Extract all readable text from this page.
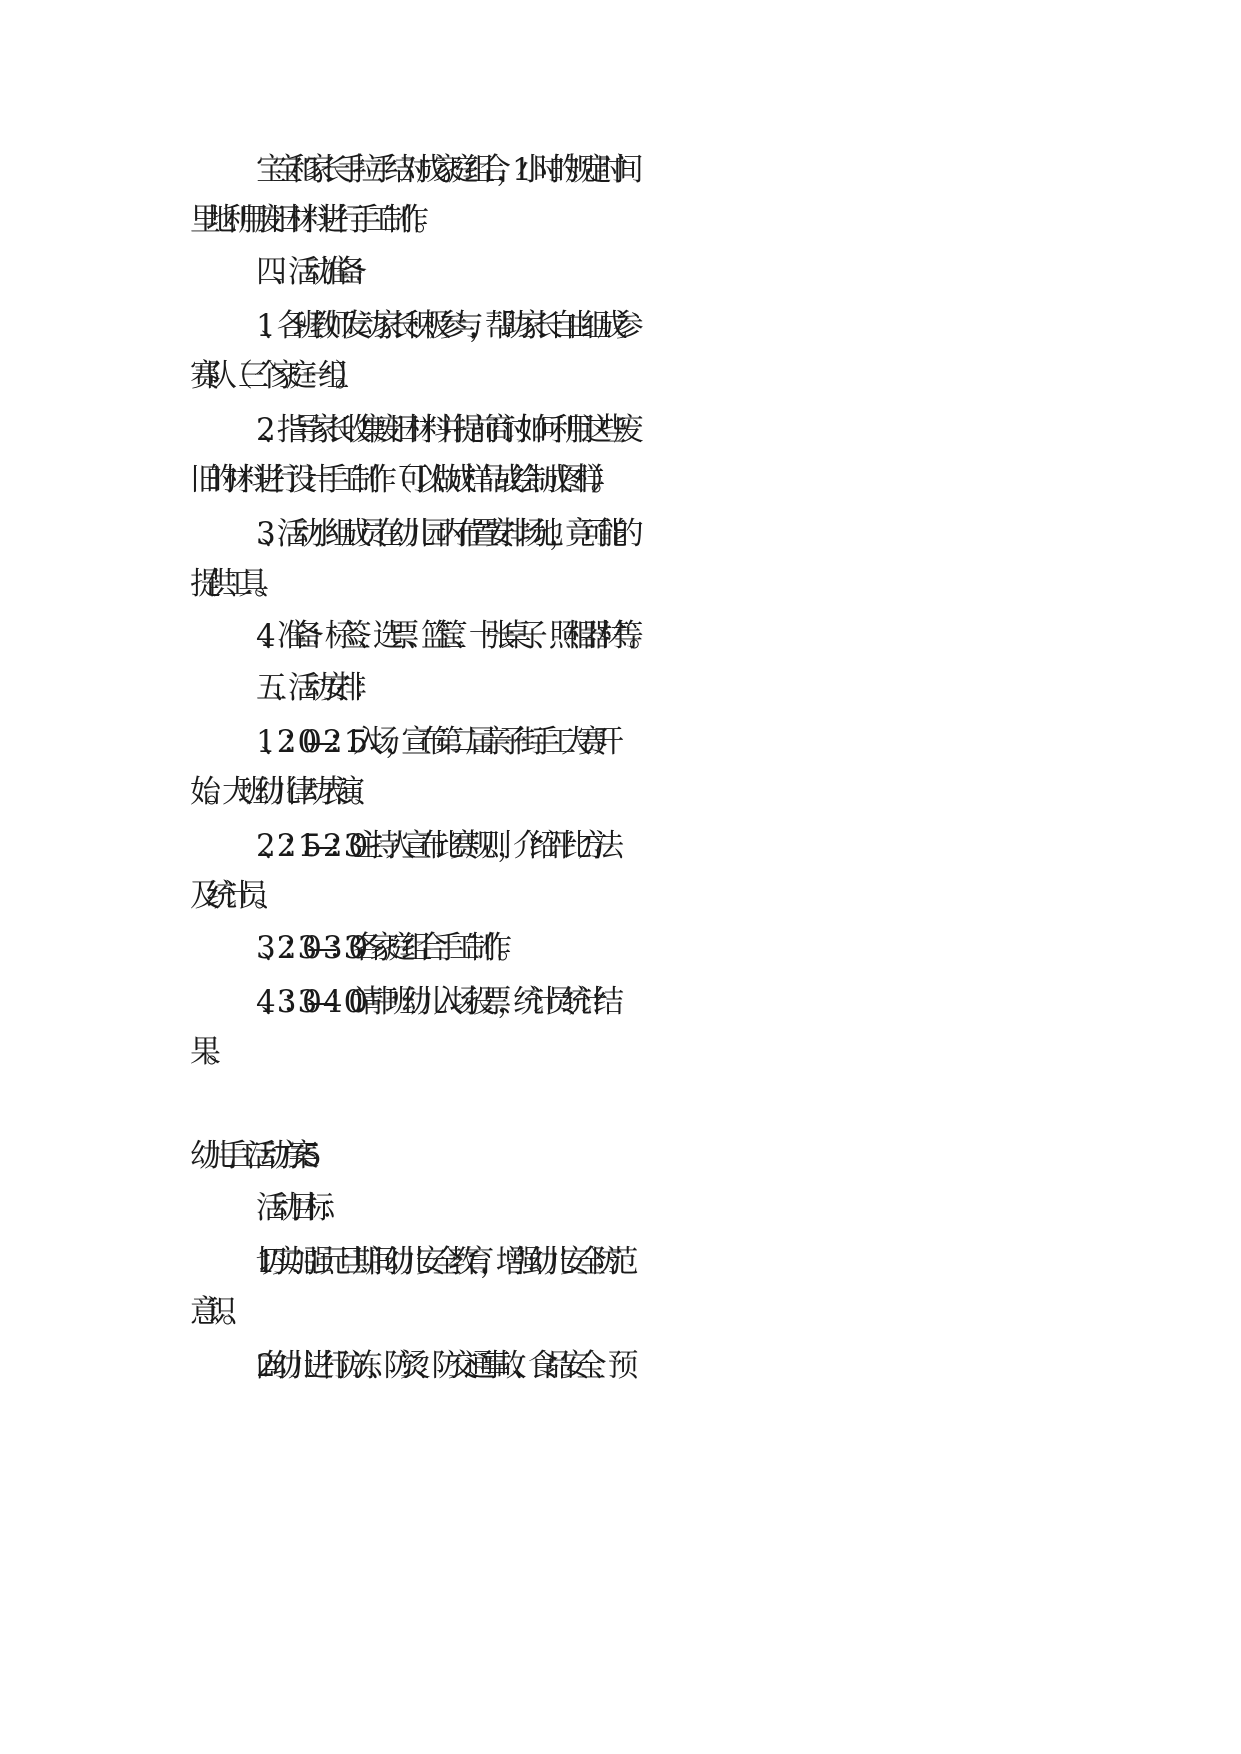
宝宝和家长手拉手结对成家庭组合，1小时的规定时间
里地利用废旧材料进行手工制作。
四、活动准备：
1、各班教师发动家长积极参与，帮助家长自由组成参
赛队（三个家庭一组）。
2、指导家长收集废旧材料并提前商讨如何利用这些废
旧的材料进行设计手工制作（可以做成样品或绘制成图样）。
3、活动小组成员在幼儿园内布置安排场地，竟可能的
提供工具。
4、准备：标签、选票、篮筐、十张桌子、照相器材等。
五、活动安排：
1、2：00—2：15入场，宣布第二届亲子街手工大赛开
始。大班幼儿律动表演。
2、2：15—2：30主持人宣布比赛规则，介绍评比方法
及统计员。
3、2：30—3：30各家庭组合手工制作。
4、3：30—4：00请中班幼儿入场投票，统计员统计结
果。
幼儿手工活动方案5
活动目标：
1.切实加强元旦期间幼儿安全教育，增强幼儿安全防范
意识。
2.向幼儿进行防冻、防烫、防交通事故、食品安全、预
